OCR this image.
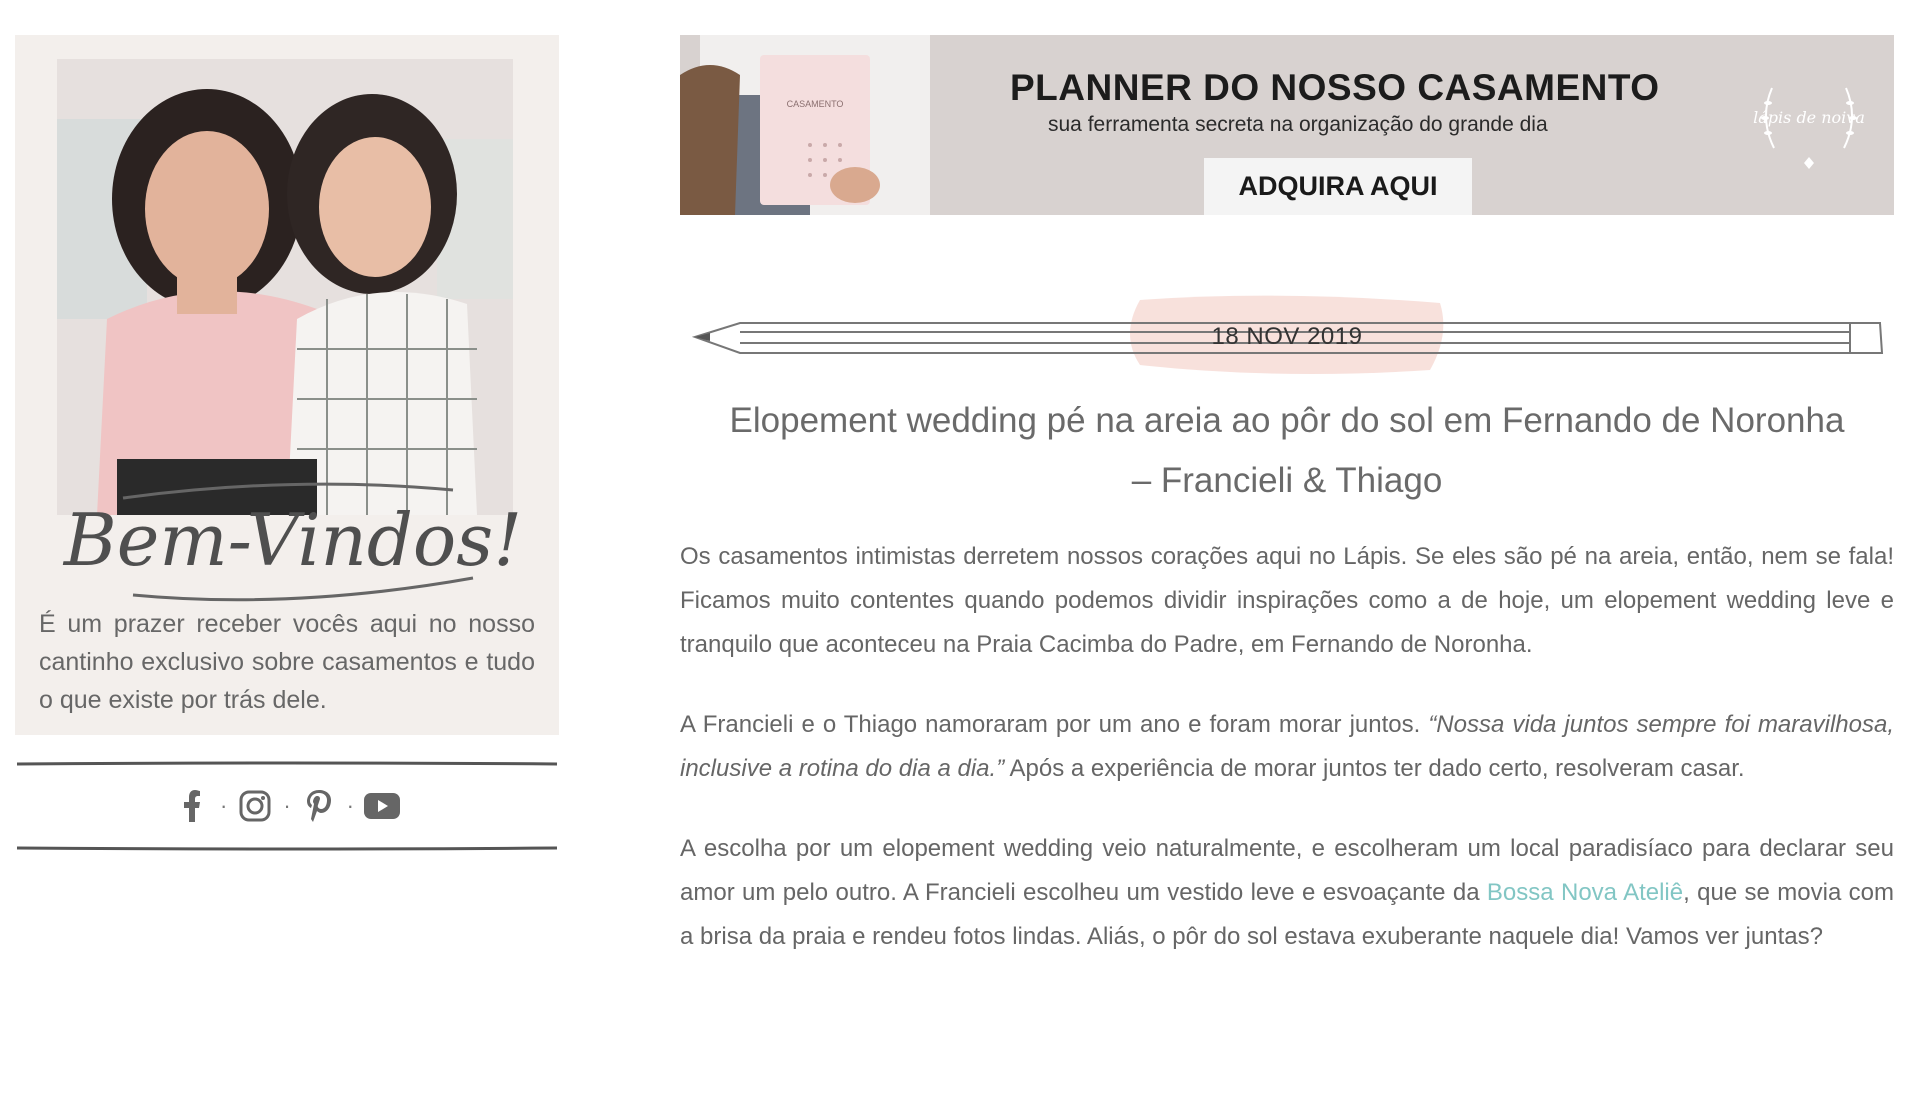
Bem-Vindos!

É um prazer receber vocês aqui no nosso cantinho exclusivo sobre casamentos e tudo o que existe por trás dele.

·	·	·
CASAMENTO	PLANNER DO NOSSO CASAMENTO
sua ferramenta secreta na organização do grande dia
ADQUIRA AQUI
lápis de noiva
18 NOV 2019
Elopement wedding pé na areia ao pôr do sol em Fernando de Noronha – Francieli & Thiago

Os casamentos intimistas derretem nossos corações aqui no Lápis. Se eles são pé na areia, então, nem se fala! Ficamos muito contentes quando podemos dividir inspirações como a de hoje, um elopement wedding leve e tranquilo que aconteceu na Praia Cacimba do Padre, em Fernando de Noronha.

A Francieli e o Thiago namoraram por um ano e foram morar juntos. “Nossa vida juntos sempre foi maravilhosa, inclusive a rotina do dia a dia.” Após a experiência de morar juntos ter dado certo, resolveram casar.

A escolha por um elopement wedding veio naturalmente, e escolheram um local paradisíaco para declarar seu amor um pelo outro. A Francieli escolheu um vestido leve e esvoaçante da Bossa Nova Ateliê, que se movia com a brisa da praia e rendeu fotos lindas. Aliás, o pôr do sol estava exuberante naquele dia! Vamos ver juntas?
